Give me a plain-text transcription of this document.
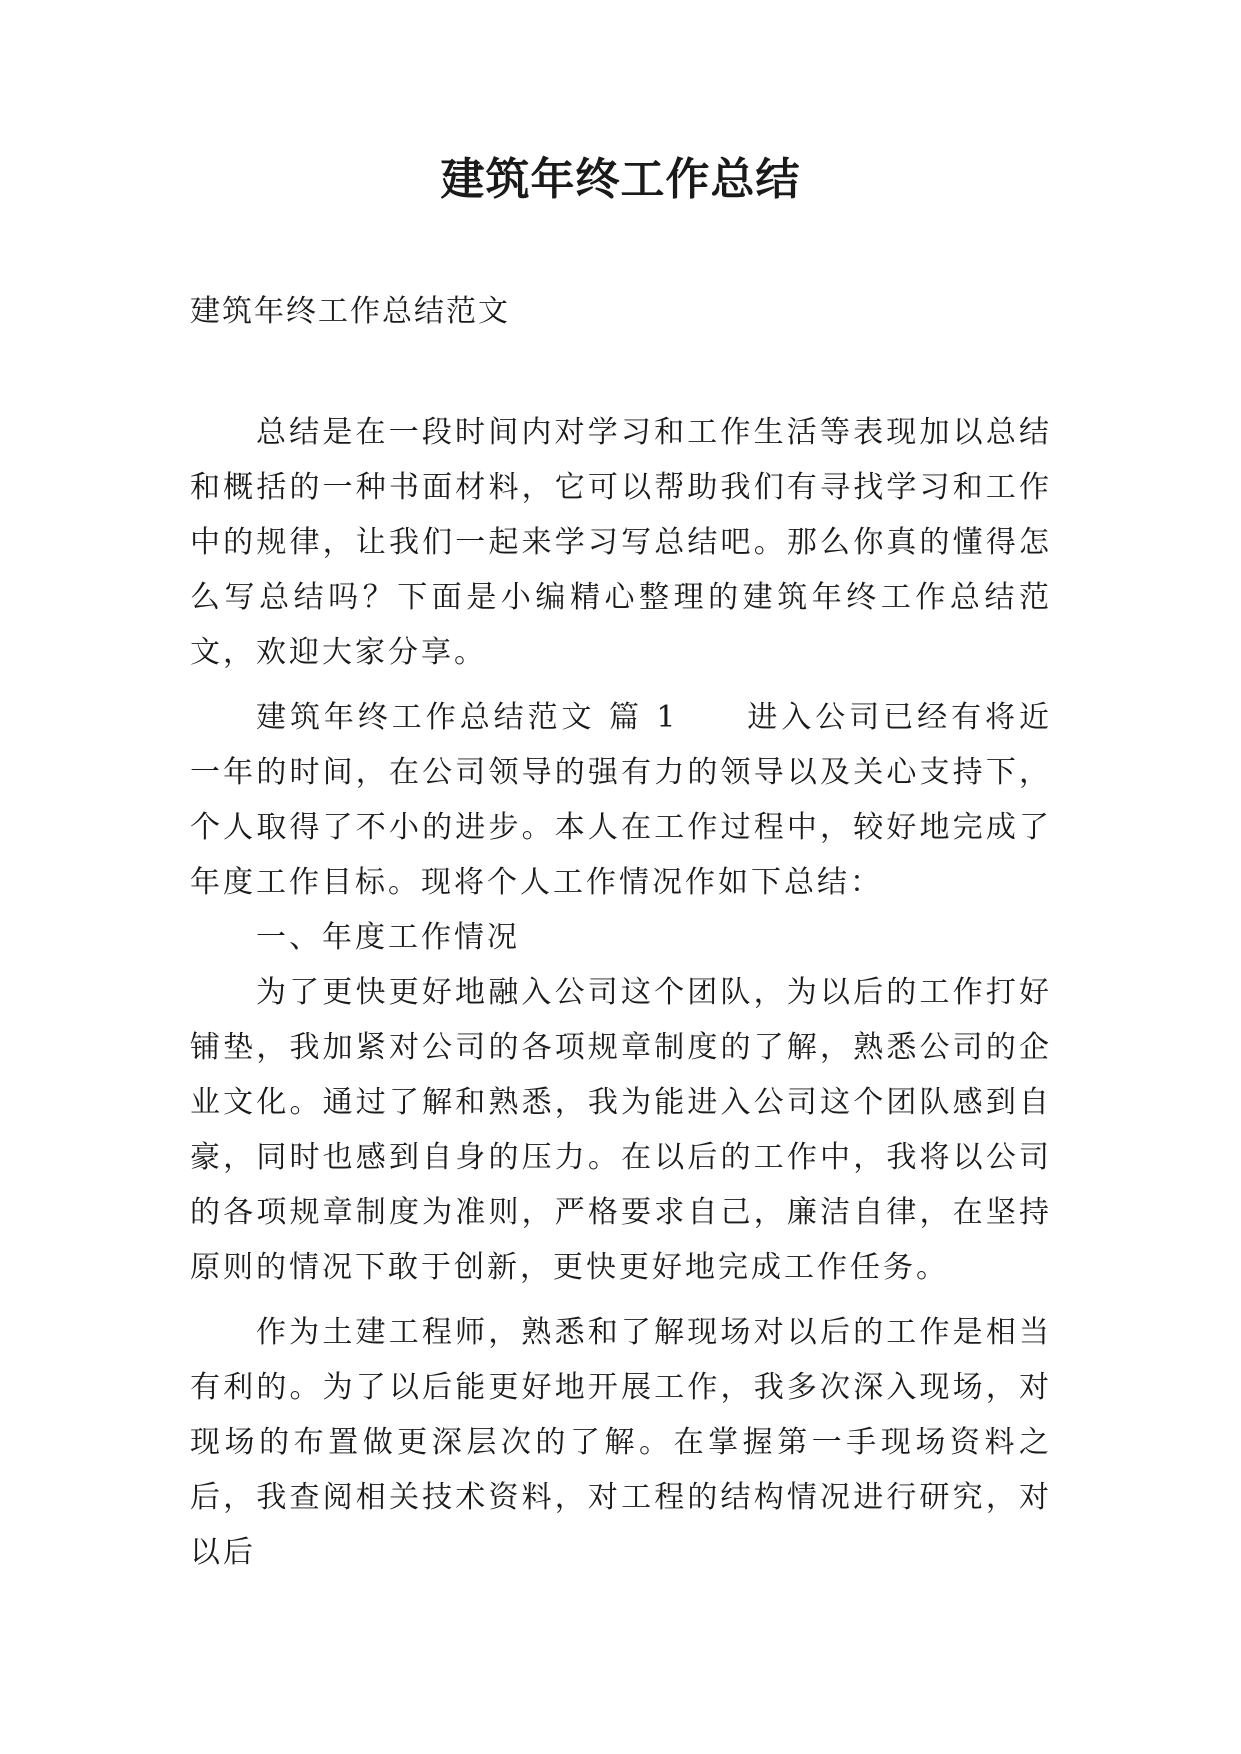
建筑年终工作总结

建筑年终工作总结范文

总结是在一段时间内对学习和工作生活等表现加以总结和概括的一种书面材料，它可以帮助我们有寻找学习和工作中的规律，让我们一起来学习写总结吧。那么你真的懂得怎么写总结吗？下面是小编精心整理的建筑年终工作总结范文，欢迎大家分享。

建筑年终工作总结范文 篇 1　　进入公司已经有将近一年的时间，在公司领导的强有力的领导以及关心支持下，个人取得了不小的进步。本人在工作过程中，较好地完成了年度工作目标。现将个人工作情况作如下总结：

一、年度工作情况

为了更快更好地融入公司这个团队，为以后的工作打好铺垫，我加紧对公司的各项规章制度的了解，熟悉公司的企业文化。通过了解和熟悉，我为能进入公司这个团队感到自豪，同时也感到自身的压力。在以后的工作中，我将以公司的各项规章制度为准则，严格要求自己，廉洁自律，在坚持原则的情况下敢于创新，更快更好地完成工作任务。

作为土建工程师，熟悉和了解现场对以后的工作是相当有利的。为了以后能更好地开展工作，我多次深入现场，对现场的布置做更深层次的了解。在掌握第一手现场资料之后，我查阅相关技术资料，对工程的结构情况进行研究，对以后
